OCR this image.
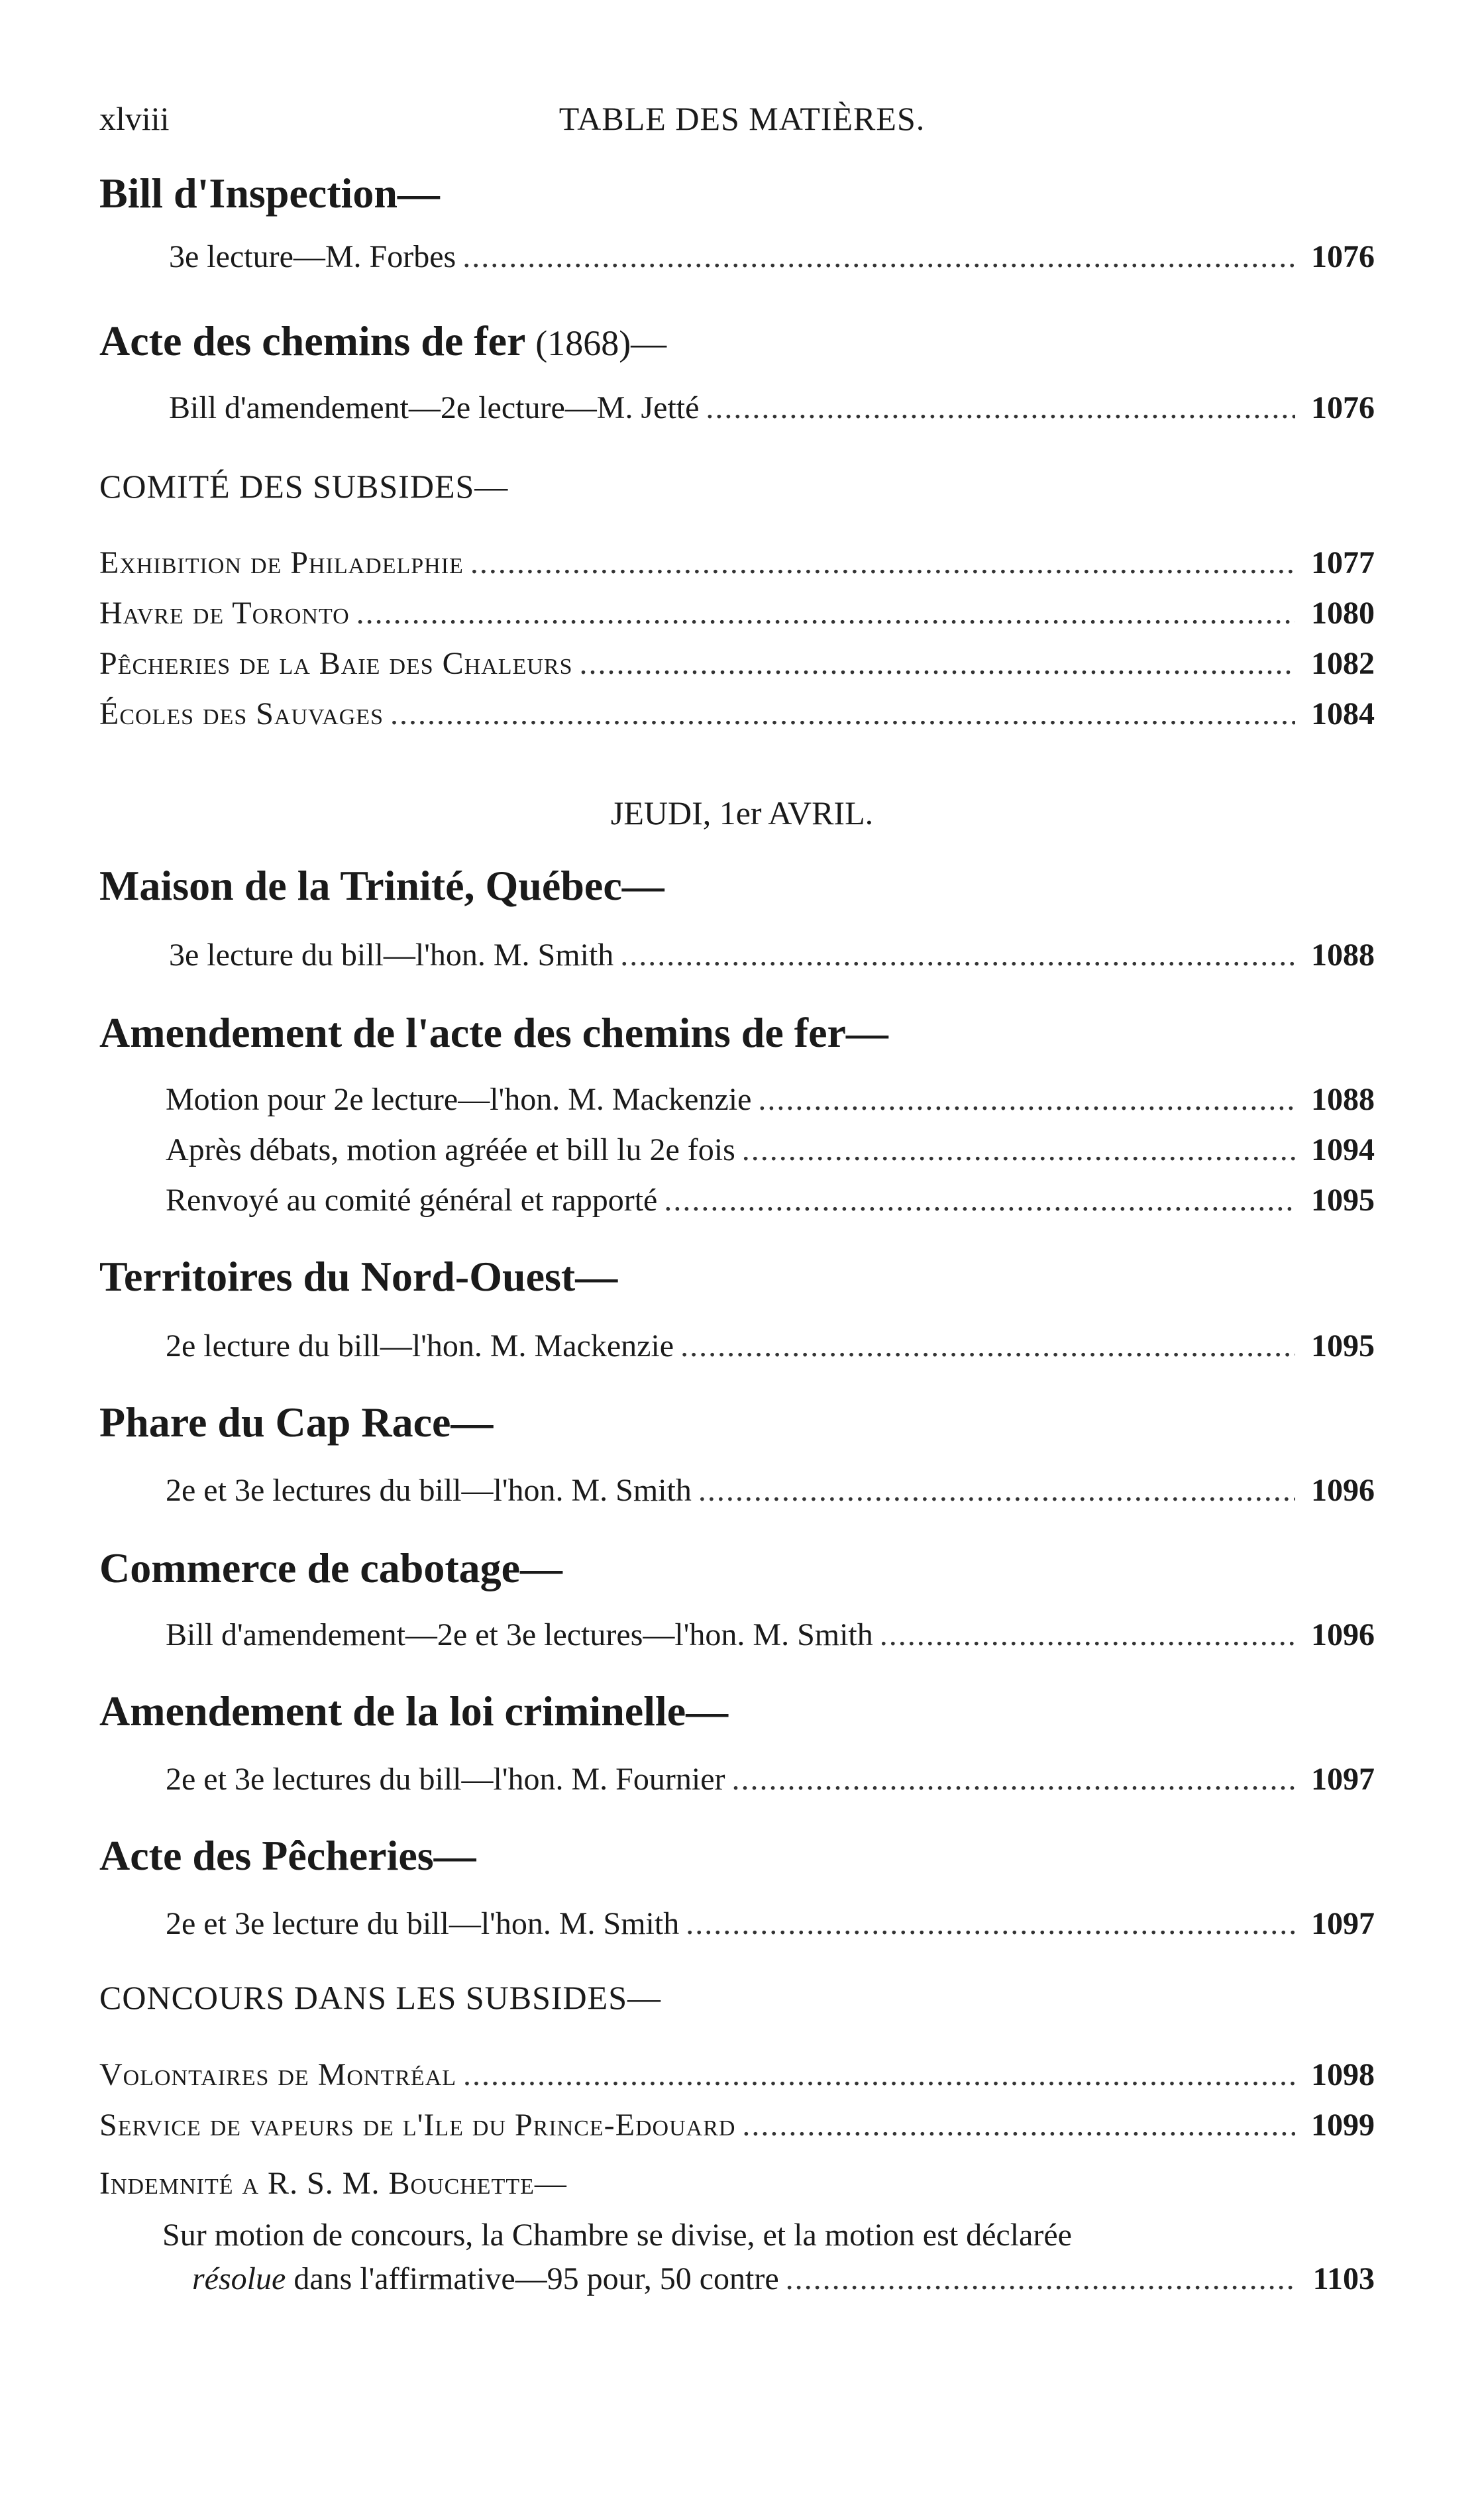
xlviii	TABLE DES MATIÈRES.
Bill d'Inspection—
3e lecture—M. Forbes .....	1076
Acte des chemins de fer (1868)—
Bill d'amendement—2e lecture—M. Jetté .....	1076
COMITÉ DES SUBSIDES—
Exhibition de Philadelphie .....	1077
Havre de Toronto .....	1080
Pêcheries de la Baie des Chaleurs .....	1082
Écoles des Sauvages .....	1084
JEUDI, 1er AVRIL.
Maison de la Trinité, Québec—
3e lecture du bill—l'hon. M. Smith .....	1088
Amendement de l'acte des chemins de fer—
Motion pour 2e lecture—l'hon. M. Mackenzie .....	1088
Après débats, motion agréée et bill lu 2e fois .....	1094
Renvoyé au comité général et rapporté .....	1095
Territoires du Nord-Ouest—
2e lecture du bill—l'hon. M. Mackenzie .....	1095
Phare du Cap Race—
2e et 3e lectures du bill—l'hon. M. Smith .....	1096
Commerce de cabotage—
Bill d'amendement—2e et 3e lectures—l'hon. M. Smith .....	1096
Amendement de la loi criminelle—
2e et 3e lectures du bill—l'hon. M. Fournier .....	1097
Acte des Pêcheries—
2e et 3e lecture du bill—l'hon. M. Smith .....	1097
CONCOURS DANS LES SUBSIDES—
Volontaires de Montréal .....	1098
Service de vapeurs de l'Ile du Prince-Edouard .....	1099
Indemnité a R. S. M. Bouchette—
Sur motion de concours, la Chambre se divise, et la motion est déclarée
résolue dans l'affirmative—95 pour, 50 contre .....	1103
